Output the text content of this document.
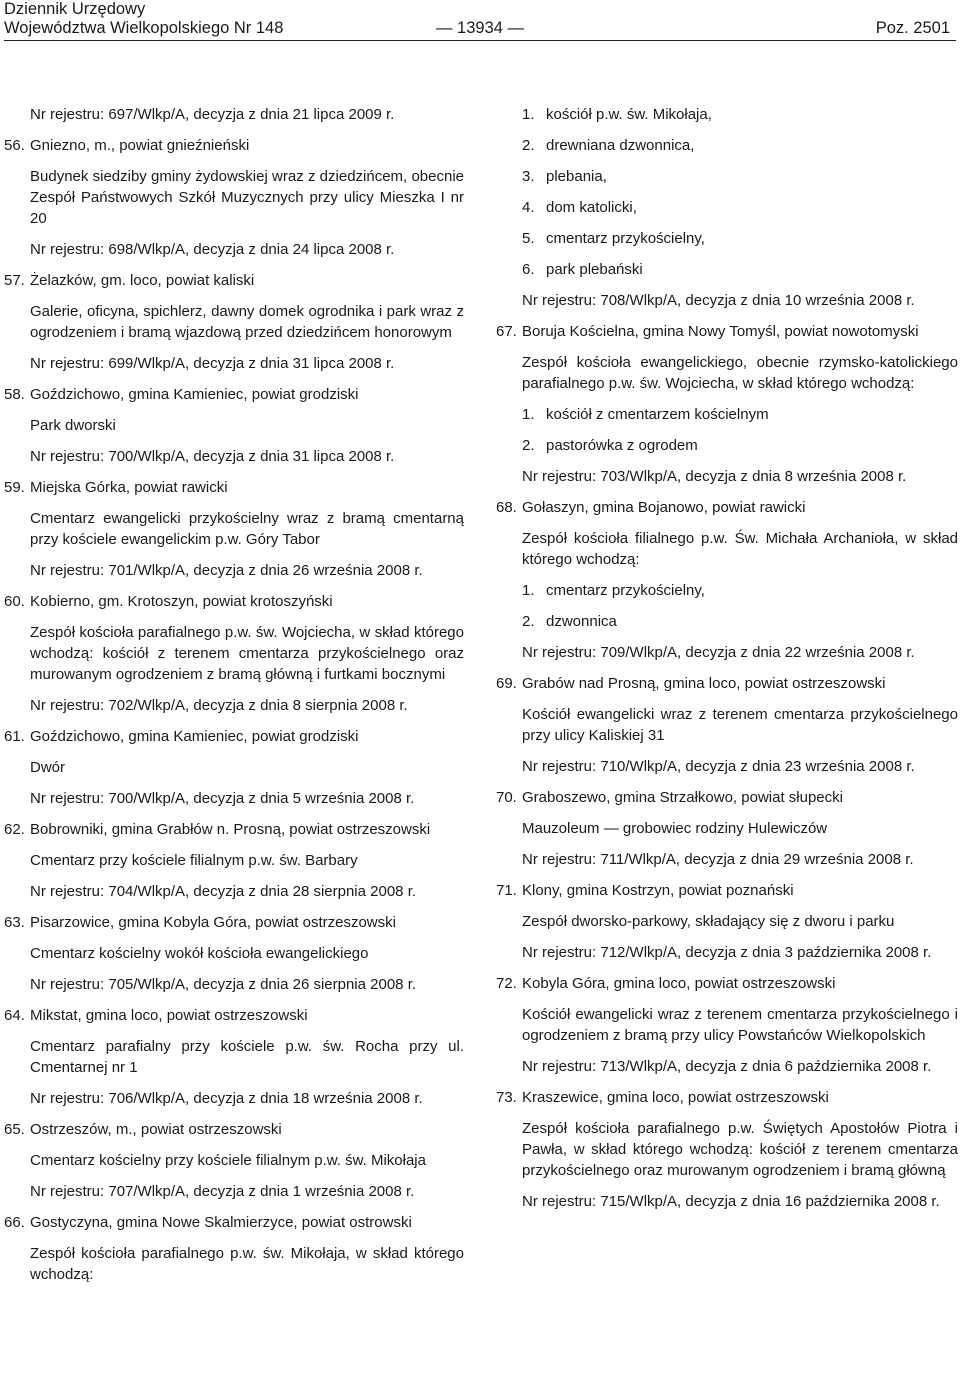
Dziennik Urzędowy
Województwa Wielkopolskiego Nr 148	— 13934 —	Poz. 2501

Nr rejestru: 697/Wlkp/A, decyzja z dnia 21 lipca 2009 r.

56. Gniezno, m., powiat gnieźnieński

Budynek siedziby gminy żydowskiej wraz z dziedzińcem, obecnie Zespół Państwowych Szkół Muzycznych przy ulicy Mieszka I nr 20

Nr rejestru: 698/Wlkp/A, decyzja z dnia 24 lipca 2008 r.

57. Żelazków, gm. loco, powiat kaliski

Galerie, oficyna, spichlerz, dawny domek ogrodnika i park wraz z ogrodzeniem i bramą wjazdową przed dziedzińcem honorowym

Nr rejestru: 699/Wlkp/A, decyzja z dnia 31 lipca 2008 r.

58. Goździchowo, gmina Kamieniec, powiat grodziski

Park dworski

Nr rejestru: 700/Wlkp/A, decyzja z dnia 31 lipca 2008 r.

59. Miejska Górka, powiat rawicki

Cmentarz ewangelicki przykościelny wraz z bramą cmentarną przy kościele ewangelickim p.w. Góry Tabor

Nr rejestru: 701/Wlkp/A, decyzja z dnia 26 września 2008 r.

60. Kobierno, gm. Krotoszyn, powiat krotoszyński

Zespół kościoła parafialnego p.w. św. Wojciecha, w skład którego wchodzą: kościół z terenem cmentarza przykościelnego oraz murowanym ogrodzeniem z bramą główną i furtkami bocznymi

Nr rejestru: 702/Wlkp/A, decyzja z dnia 8 sierpnia 2008 r.

61. Goździchowo, gmina Kamieniec, powiat grodziski

Dwór

Nr rejestru: 700/Wlkp/A, decyzja z dnia 5 września 2008 r.

62. Bobrowniki, gmina Grabłów n. Prosną, powiat ostrzeszowski

Cmentarz przy kościele filialnym p.w. św. Barbary

Nr rejestru: 704/Wlkp/A, decyzja z dnia 28 sierpnia 2008 r.

63. Pisarzowice, gmina Kobyla Góra, powiat ostrzeszowski

Cmentarz kościelny wokół kościoła ewangelickiego

Nr rejestru: 705/Wlkp/A, decyzja z dnia 26 sierpnia 2008 r.

64. Mikstat, gmina loco, powiat ostrzeszowski

Cmentarz parafialny przy kościele p.w. św. Rocha przy ul. Cmentarnej nr 1

Nr rejestru: 706/Wlkp/A, decyzja z dnia 18 września 2008 r.

65. Ostrzeszów, m., powiat ostrzeszowski

Cmentarz kościelny przy kościele filialnym p.w. św. Mikołaja

Nr rejestru: 707/Wlkp/A, decyzja z dnia 1 września 2008 r.

66. Gostyczyna, gmina Nowe Skalmierzyce, powiat ostrowski

Zespół kościoła parafialnego p.w. św. Mikołaja, w skład którego wchodzą:

1. kościół p.w. św. Mikołaja,
2. drewniana dzwonnica,
3. plebania,
4. dom katolicki,
5. cmentarz przykościelny,
6. park plebański

Nr rejestru: 708/Wlkp/A, decyzja z dnia 10 września 2008 r.

67. Boruja Kościelna, gmina Nowy Tomyśl, powiat nowotomyski

Zespół kościoła ewangelickiego, obecnie rzymsko-katolickiego parafialnego p.w. św. Wojciecha, w skład którego wchodzą:

1. kościół z cmentarzem kościelnym
2. pastorówka z ogrodem

Nr rejestru: 703/Wlkp/A, decyzja z dnia 8 września 2008 r.

68. Gołaszyn, gmina Bojanowo, powiat rawicki

Zespół kościoła filialnego p.w. Św. Michała Archanioła, w skład którego wchodzą:

1. cmentarz przykościelny,
2. dzwonnica

Nr rejestru: 709/Wlkp/A, decyzja z dnia 22 września 2008 r.

69. Grabów nad Prosną, gmina loco, powiat ostrzeszowski

Kościół ewangelicki wraz z terenem cmentarza przykościelnego przy ulicy Kaliskiej 31

Nr rejestru: 710/Wlkp/A, decyzja z dnia 23 września 2008 r.

70. Graboszewo, gmina Strzałkowo, powiat słupecki

Mauzoleum — grobowiec rodziny Hulewiczów

Nr rejestru: 711/Wlkp/A, decyzja z dnia 29 września 2008 r.

71. Klony, gmina Kostrzyn, powiat poznański

Zespół dworsko-parkowy, składający się z dworu i parku

Nr rejestru: 712/Wlkp/A, decyzja z dnia 3 października 2008 r.

72. Kobyla Góra, gmina loco, powiat ostrzeszowski

Kościół ewangelicki wraz z terenem cmentarza przykościelnego i ogrodzeniem z bramą przy ulicy Powstańców Wielkopolskich

Nr rejestru: 713/Wlkp/A, decyzja z dnia 6 października 2008 r.

73. Kraszewice, gmina loco, powiat ostrzeszowski

Zespół kościoła parafialnego p.w. Świętych Apostołów Piotra i Pawła, w skład którego wchodzą: kościół z terenem cmentarza przykościelnego oraz murowanym ogrodzeniem i bramą główną

Nr rejestru: 715/Wlkp/A, decyzja z dnia 16 października 2008 r.
